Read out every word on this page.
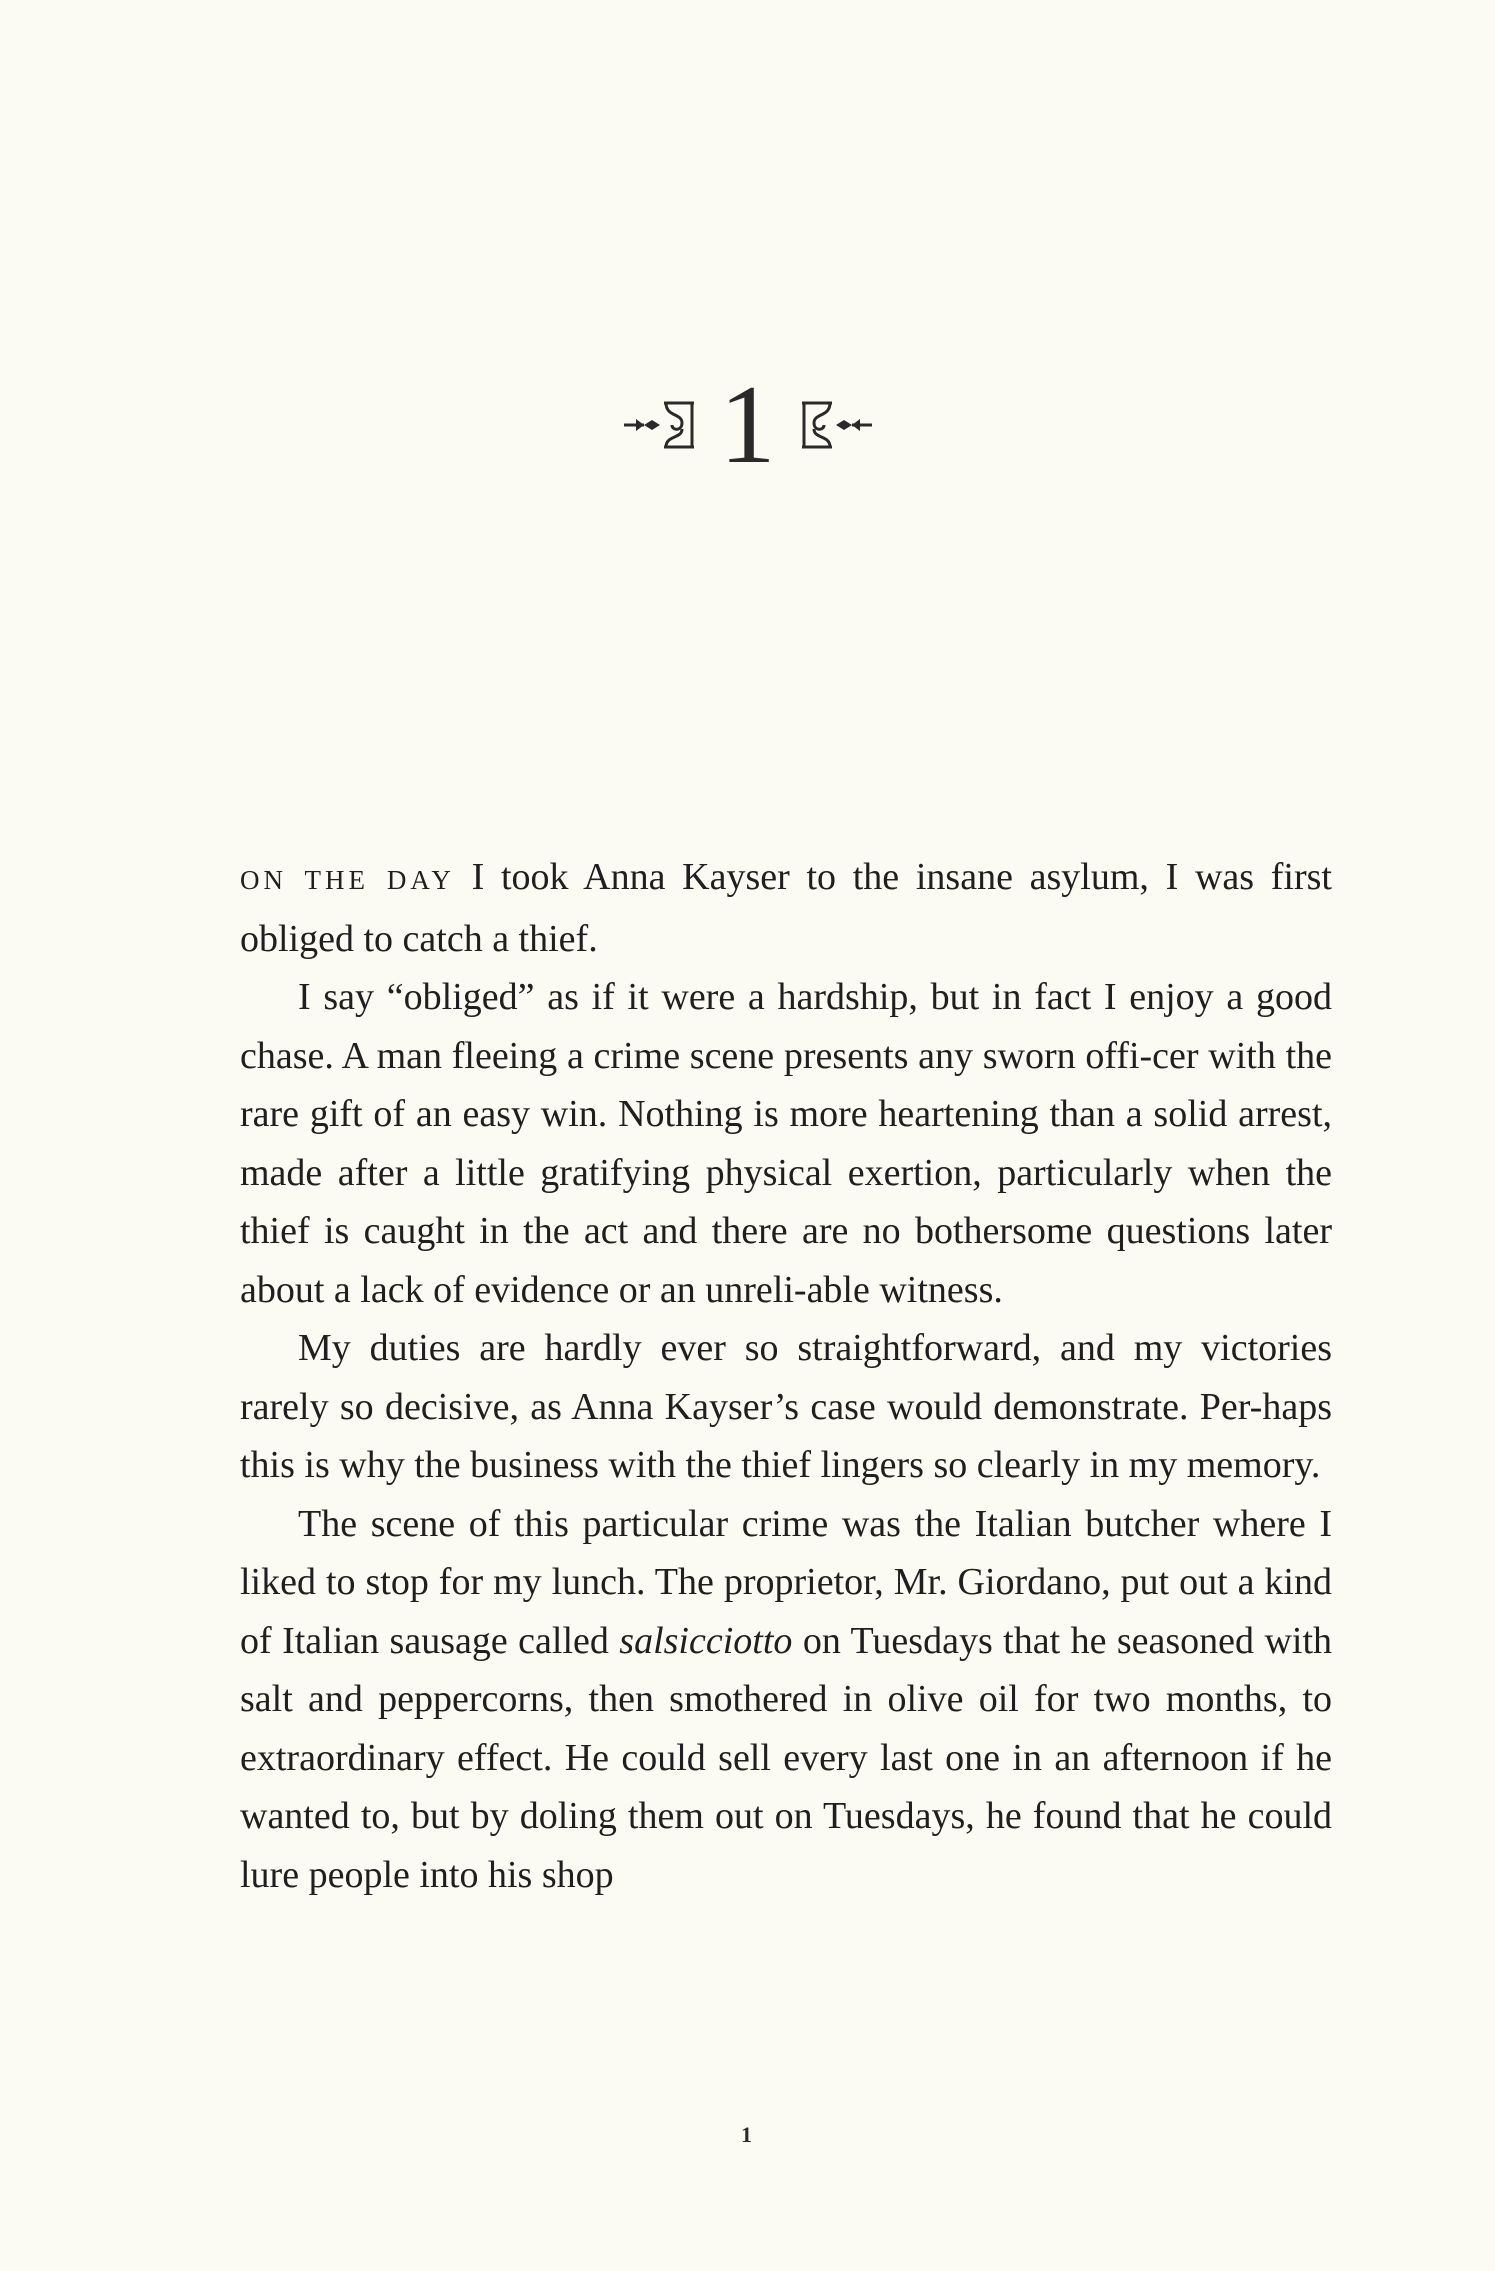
1

ON THE DAY I took Anna Kayser to the insane asylum, I was first obliged to catch a thief.

I say “obliged” as if it were a hardship, but in fact I enjoy a good chase. A man fleeing a crime scene presents any sworn offi-cer with the rare gift of an easy win. Nothing is more heartening than a solid arrest, made after a little gratifying physical exertion, particularly when the thief is caught in the act and there are no bothersome questions later about a lack of evidence or an unreli-able witness.

My duties are hardly ever so straightforward, and my victories rarely so decisive, as Anna Kayser’s case would demonstrate. Per-haps this is why the business with the thief lingers so clearly in my memory.

The scene of this particular crime was the Italian butcher where I liked to stop for my lunch. The proprietor, Mr. Giordano, put out a kind of Italian sausage called salsicciotto on Tuesdays that he seasoned with salt and peppercorns, then smothered in olive oil for two months, to extraordinary effect. He could sell every last one in an afternoon if he wanted to, but by doling them out on Tuesdays, he found that he could lure people into his shop

1
